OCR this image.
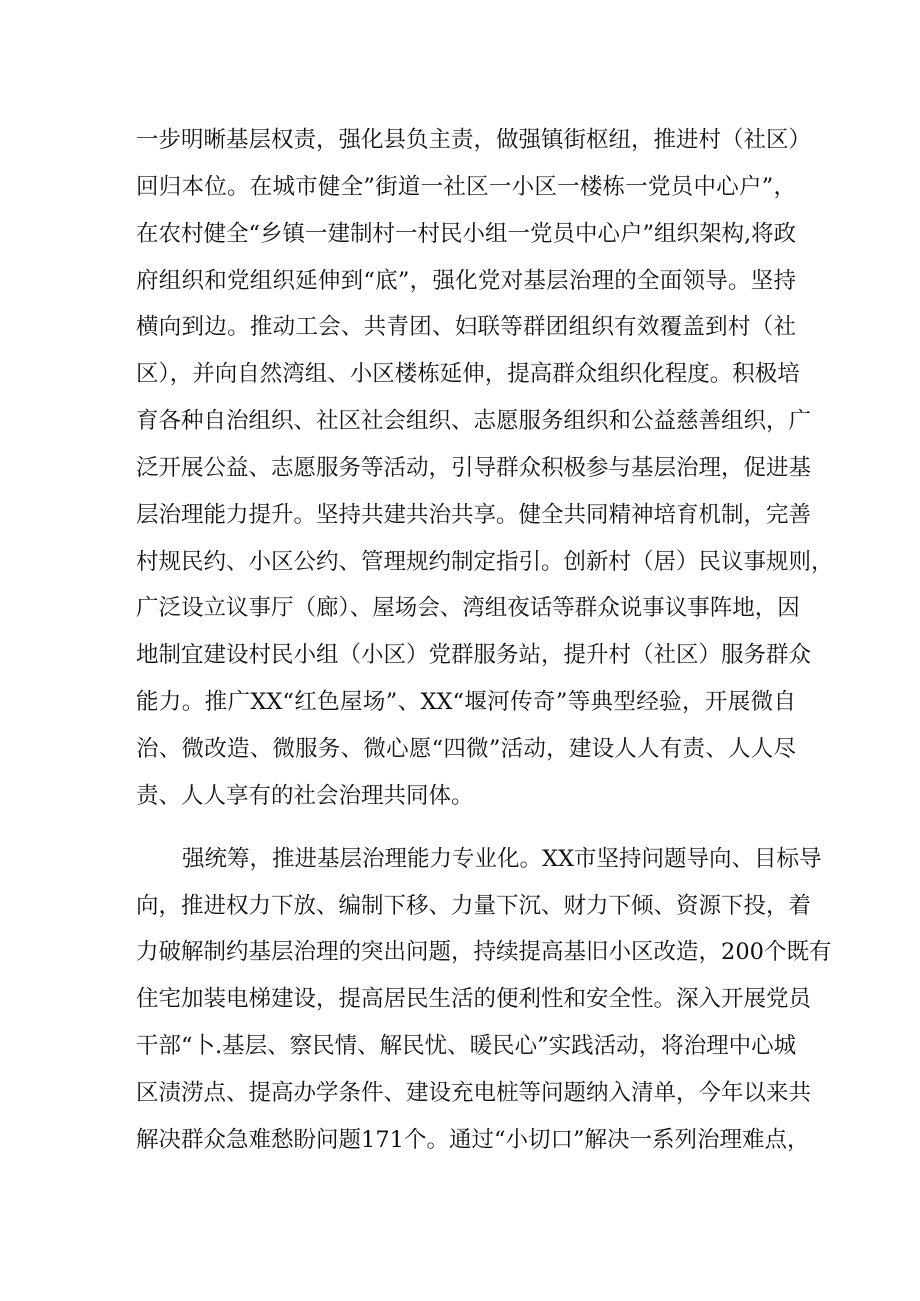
一步明晰基层权责，强化县负主责，做强镇街枢纽，推进村（社区）
回归本位。在城市健全”街道一社区一小区一楼栋一党员中心户”，
在农村健全“乡镇一建制村一村民小组一党员中心户”组织架构,将政
府组织和党组织延伸到“底”，强化党对基层治理的全面领导。坚持
横向到边。推动工会、共青团、妇联等群团组织有效覆盖到村（社
区），并向自然湾组、小区楼栋延伸，提高群众组织化程度。积极培
育各种自治组织、社区社会组织、志愿服务组织和公益慈善组织，广
泛开展公益、志愿服务等活动，引导群众积极参与基层治理，促进基
层治理能力提升。坚持共建共治共享。健全共同精神培育机制，完善
村规民约、小区公约、管理规约制定指引。创新村（居）民议事规则，
广泛设立议事厅（廊）、屋场会、湾组夜话等群众说事议事阵地，因
地制宜建设村民小组（小区）党群服务站，提升村（社区）服务群众
能力。推广XX“红色屋场”、XX“堰河传奇”等典型经验，开展微自
治、微改造、微服务、微心愿“四微”活动，建设人人有责、人人尽
责、人人享有的社会治理共同体。
强统筹，推进基层治理能力专业化。XX市坚持问题导向、目标导
向，推进权力下放、编制下移、力量下沉、财力下倾、资源下投，着
力破解制约基层治理的突出问题，持续提高基旧小区改造，200个既有
住宅加装电梯建设，提高居民生活的便利性和安全性。深入开展党员
干部“卜.基层、察民情、解民忧、暖民心”实践活动，将治理中心城
区渍涝点、提高办学条件、建设充电桩等问题纳入清单，今年以来共
解决群众急难愁盼问题171个。通过“小切口”解决一系列治理难点，
